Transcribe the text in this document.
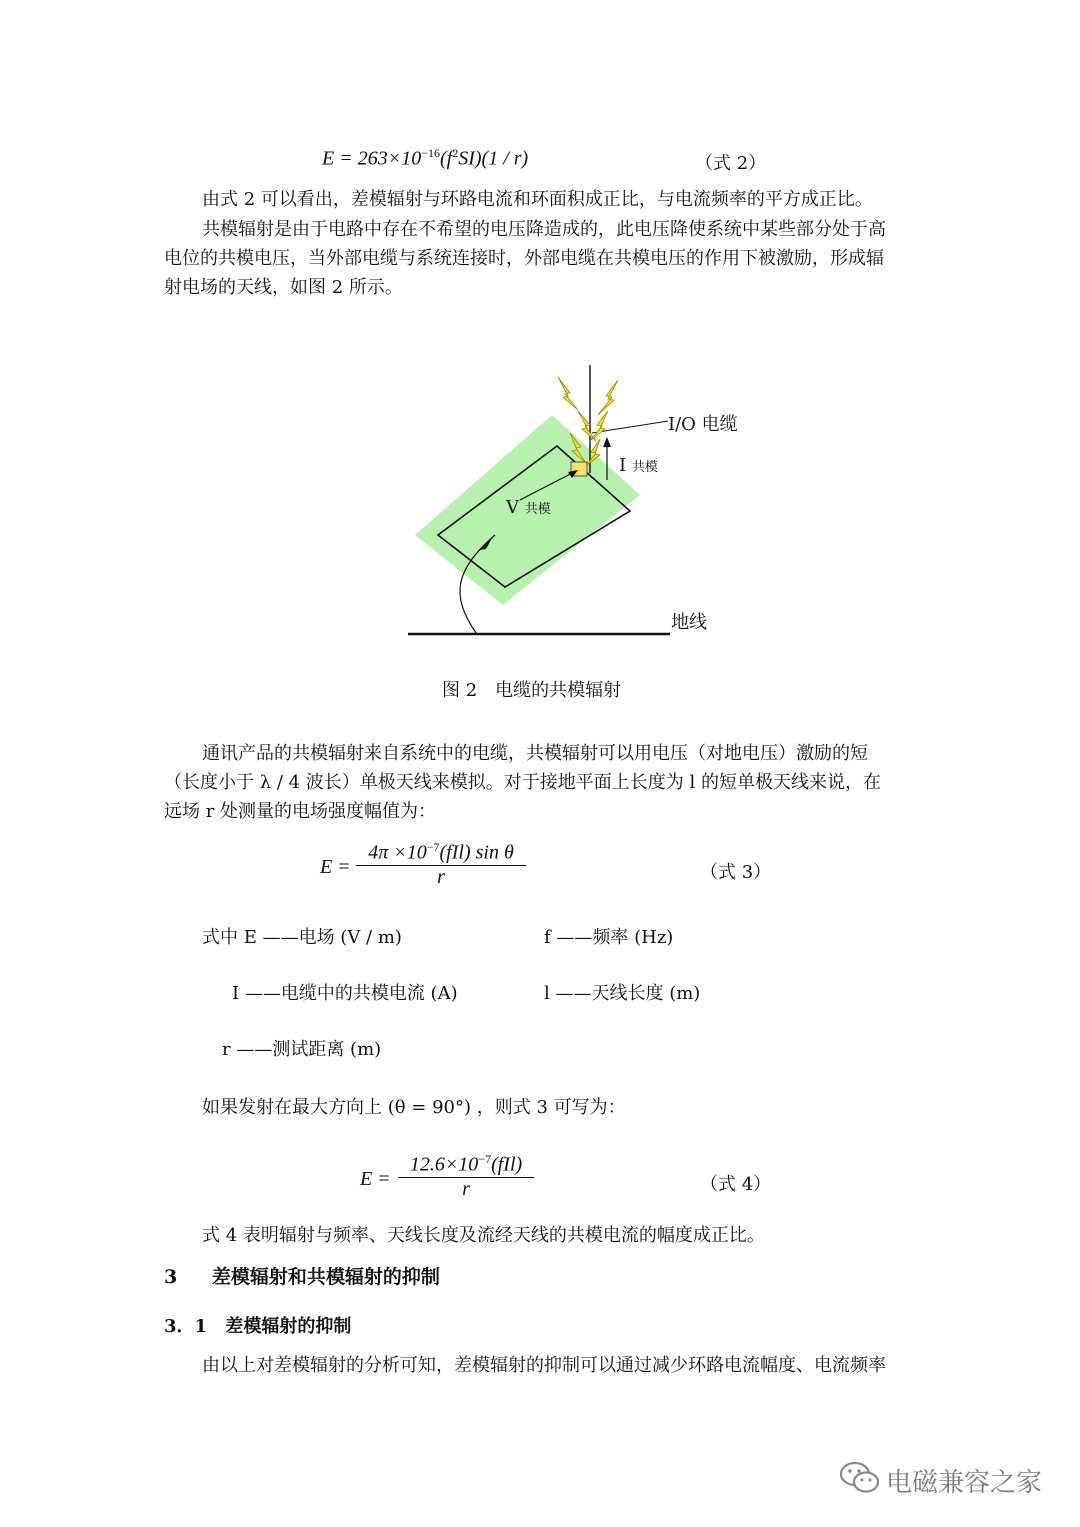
$E = 263\times 10^{-16}(f^2SI)(1 / r)$	（式 2）
由式 2 可以看出，差模辐射与环路电流和环面积成正比，与电流频率的平方成正比。
共模辐射是由于电路中存在不希望的电压降造成的，此电压降使系统中某些部分处于高
电位的共模电压，当外部电缆与系统连接时，外部电缆在共模电压的作用下被激励，形成辐
射电场的天线，如图 2 所示。
I/O 电缆
I 共模
V 共模
地线
图 2　电缆的共模辐射
通讯产品的共模辐射来自系统中的电缆，共模辐射可以用电压（对地电压）激励的短
（长度小于 λ / 4 波长）单极天线来模拟。对于接地平面上长度为 l 的短单极天线来说，在
远场 r 处测量的电场强度幅值为：
E =
$4\pi \times 10^{-7}(fIl)$ sin θ
r	（式 3）
式中 E ——电场 (V / m)	f ——频率 (Hz)
I ——电缆中的共模电流 (A)	l ——天线长度 (m)
r ——测试距离 (m)
如果发射在最大方向上 (θ = 90°) ，则式 3 可写为：
E =
$12.6\times 10^{-7}(fIl)$
r	（式 4）
式 4 表明辐射与频率、天线长度及流经天线的共模电流的幅度成正比。
3 差模辐射和共模辐射的抑制
3．1 差模辐射的抑制
由以上对差模辐射的分析可知，差模辐射的抑制可以通过减少环路电流幅度、电流频率
电磁兼容之家
